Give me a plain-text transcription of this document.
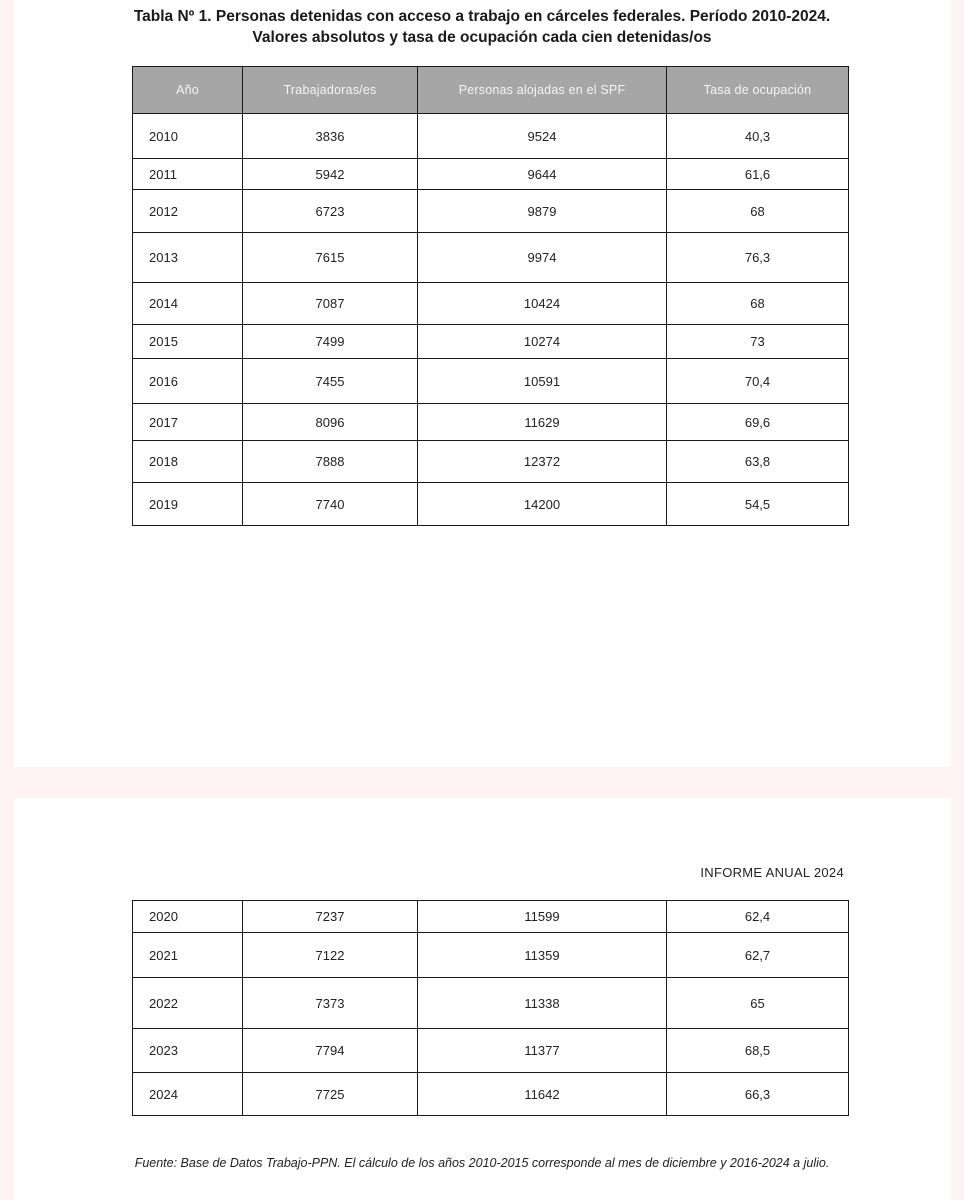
Tabla Nº 1. Personas detenidas con acceso a trabajo en cárceles federales. Período 2010-2024.
Valores absolutos y tasa de ocupación cada cien detenidas/os
Año	Trabajadoras/es	Personas alojadas en el SPF	Tasa de ocupación
2010	3836	9524	40,3
2011	5942	9644	61,6
2012	6723	9879	68
2013	7615	9974	76,3
2014	7087	10424	68
2015	7499	10274	73
2016	7455	10591	70,4
2017	8096	11629	69,6
2018	7888	12372	63,8
2019	7740	14200	54,5
INFORME ANUAL 2024
2020	7237	11599	62,4
2021	7122	11359	62,7
2022	7373	11338	65
2023	7794	11377	68,5
2024	7725	11642	66,3
Fuente: Base de Datos Trabajo-PPN. El cálculo de los años 2010-2015 corresponde al mes de diciembre y 2016-2024 a julio.
